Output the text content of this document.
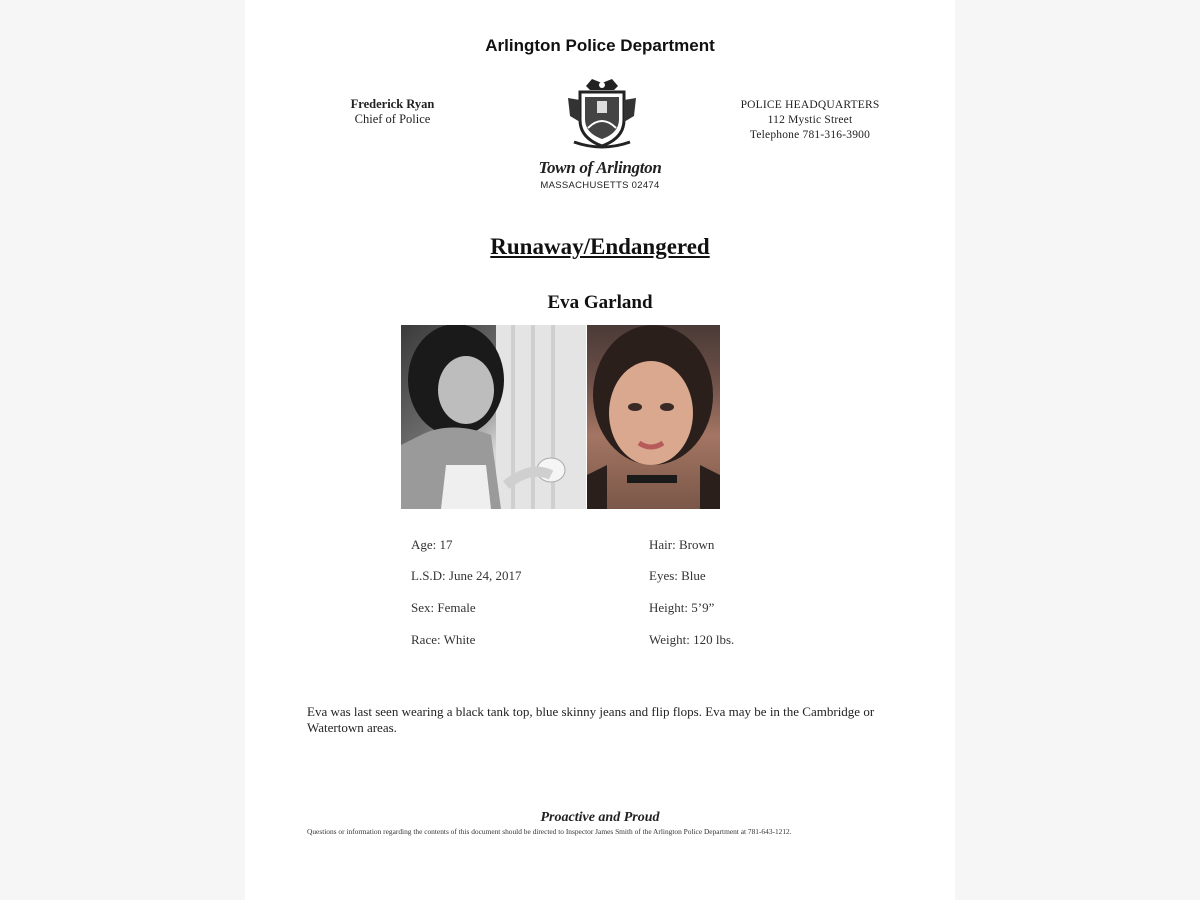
Arlington Police Department
Frederick Ryan
Chief of Police
POLICE HEADQUARTERS
112 Mystic Street
Telephone 781-316-3900
Town of Arlington
MASSACHUSETTS 02474
Runaway/Endangered
Eva Garland
Age: 17
L.S.D: June 24, 2017
Sex: Female
Race: White
Hair: Brown
Eyes: Blue
Height: 5’9”
Weight: 120 lbs.
Eva was last seen wearing a black tank top, blue skinny jeans and flip flops. Eva may be in the Cambridge or Watertown areas.
Proactive and Proud
Questions or information regarding the contents of this document should be directed to Inspector James Smith of the Arlington Police Department at 781-643-1212.
